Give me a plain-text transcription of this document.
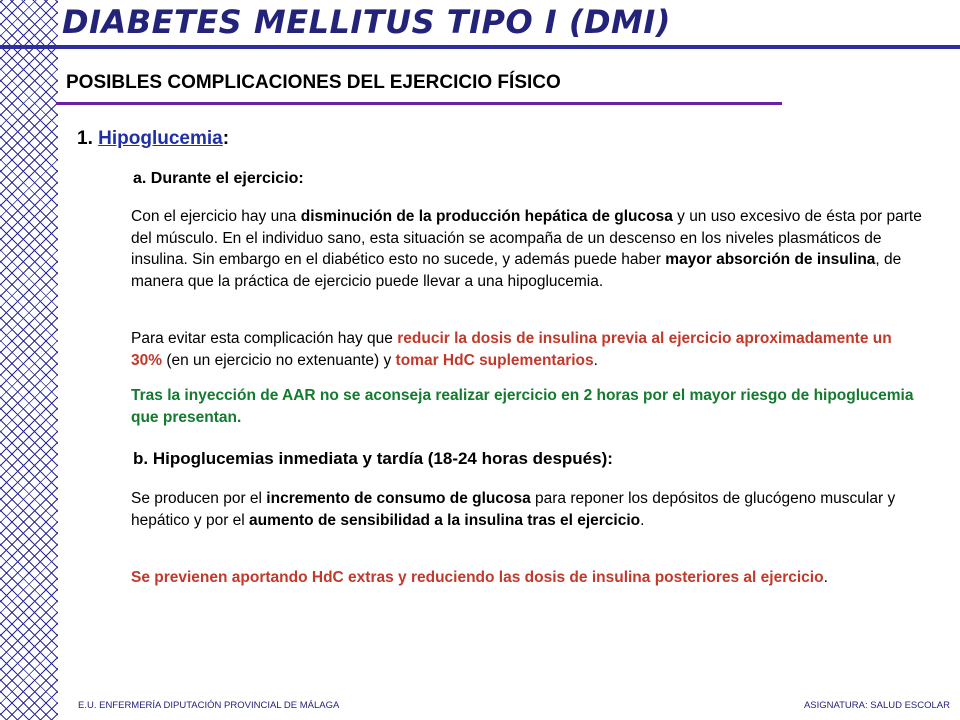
DIABETES MELLITUS TIPO I (DMI)
POSIBLES COMPLICACIONES DEL EJERCICIO FÍSICO
1. Hipoglucemia:
a. Durante el ejercicio:

Con el ejercicio hay una disminución de la producción hepática de glucosa y un uso excesivo de ésta por parte del músculo. En el individuo sano, esta situación se acompaña de un descenso en los niveles plasmáticos de insulina. Sin embargo en el diabético esto no sucede, y además puede haber mayor absorción de insulina, de manera que la práctica de ejercicio puede llevar a una hipoglucemia.

Para evitar esta complicación hay que reducir la dosis de insulina previa al ejercicio aproximadamente un 30% (en un ejercicio no extenuante) y tomar HdC suplementarios.

Tras la inyección de AAR no se aconseja realizar ejercicio en 2 horas por el mayor riesgo de hipoglucemia que presentan.

b. Hipoglucemias inmediata y tardía (18-24 horas después):

Se producen por el incremento de consumo de glucosa para reponer los depósitos de glucógeno muscular y hepático y por el aumento de sensibilidad a la insulina tras el ejercicio.

Se previenen aportando HdC extras y reduciendo las dosis de insulina posteriores al ejercicio.

E.U. ENFERMERÍA DIPUTACIÓN PROVINCIAL DE MÁLAGA	ASIGNATURA: SALUD ESCOLAR
